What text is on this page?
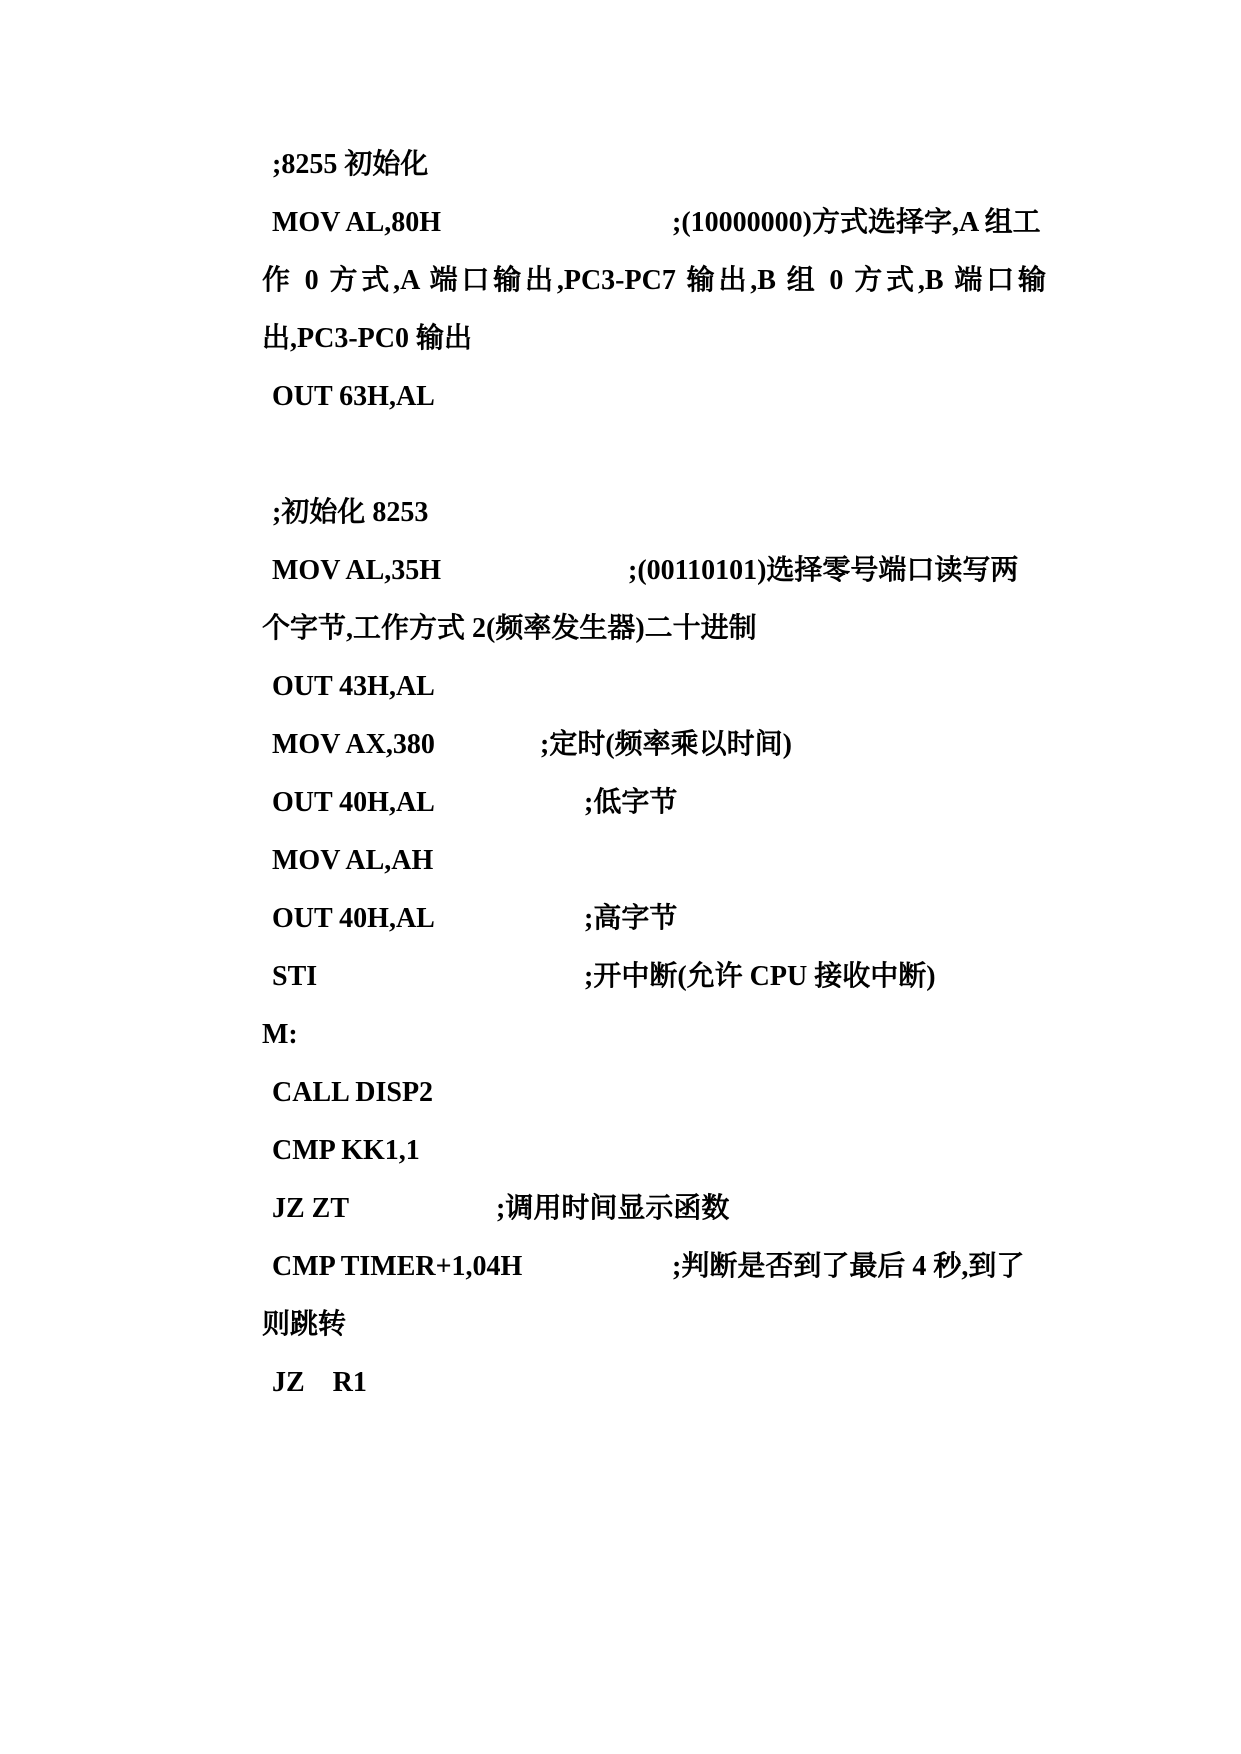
;8255 初始化
MOV AL,80H	;(10000000)方式选择字,A 组工
作 0 方式,A 端口输出,PC3-PC7 输出,B 组 0 方式,B 端口输
出,PC3-PC0 输出
OUT 63H,AL
;初始化 8253
MOV AL,35H	;(00110101)选择零号端口读写两
个字节,工作方式 2(频率发生器)二十进制
OUT 43H,AL
MOV AX,380	;定时(频率乘以时间)
OUT 40H,AL	;低字节
MOV AL,AH
OUT 40H,AL	;高字节
STI	;开中断(允许 CPU 接收中断)
M:
CALL DISP2
CMP KK1,1
JZ ZT	;调用时间显示函数
CMP TIMER+1,04H	;判断是否到了最后 4 秒,到了
则跳转
JZ    R1
